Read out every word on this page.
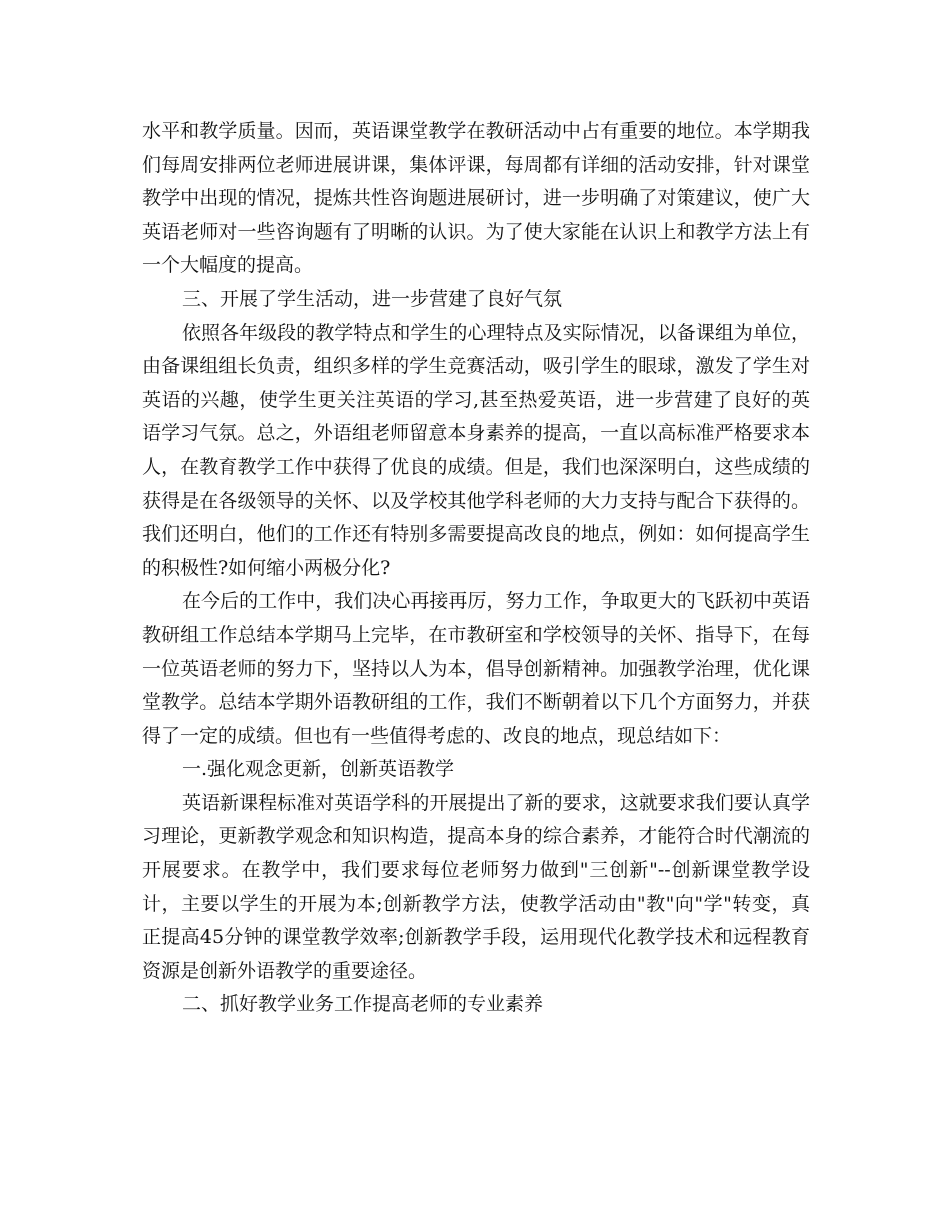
水平和教学质量。因而，英语课堂教学在教研活动中占有重要的地位。本学期我们每周安排两位老师进展讲课，集体评课，每周都有详细的活动安排，针对课堂教学中出现的情况，提炼共性咨询题进展研讨，进一步明确了对策建议，使广大英语老师对一些咨询题有了明晰的认识。为了使大家能在认识上和教学方法上有一个大幅度的提高。

三、开展了学生活动，进一步营建了良好气氛

依照各年级段的教学特点和学生的心理特点及实际情况，以备课组为单位，由备课组组长负责，组织多样的学生竞赛活动，吸引学生的眼球，激发了学生对英语的兴趣，使学生更关注英语的学习,甚至热爱英语，进一步营建了良好的英语学习气氛。总之，外语组老师留意本身素养的提高，一直以高标准严格要求本人，在教育教学工作中获得了优良的成绩。但是，我们也深深明白，这些成绩的获得是在各级领导的关怀、以及学校其他学科老师的大力支持与配合下获得的。我们还明白，他们的工作还有特别多需要提高改良的地点，例如：如何提高学生的积极性?如何缩小两极分化?

在今后的工作中，我们决心再接再厉，努力工作，争取更大的飞跃初中英语教研组工作总结本学期马上完毕，在市教研室和学校领导的关怀、指导下，在每一位英语老师的努力下，坚持以人为本，倡导创新精神。加强教学治理，优化课堂教学。总结本学期外语教研组的工作，我们不断朝着以下几个方面努力，并获得了一定的成绩。但也有一些值得考虑的、改良的地点，现总结如下：

一.强化观念更新，创新英语教学

英语新课程标准对英语学科的开展提出了新的要求，这就要求我们要认真学习理论，更新教学观念和知识构造，提高本身的综合素养，才能符合时代潮流的开展要求。在教学中，我们要求每位老师努力做到"三创新"--创新课堂教学设计，主要以学生的开展为本;创新教学方法，使教学活动由"教"向"学"转变，真正提高45分钟的课堂教学效率;创新教学手段，运用现代化教学技术和远程教育资源是创新外语教学的重要途径。

二、抓好教学业务工作提高老师的专业素养
